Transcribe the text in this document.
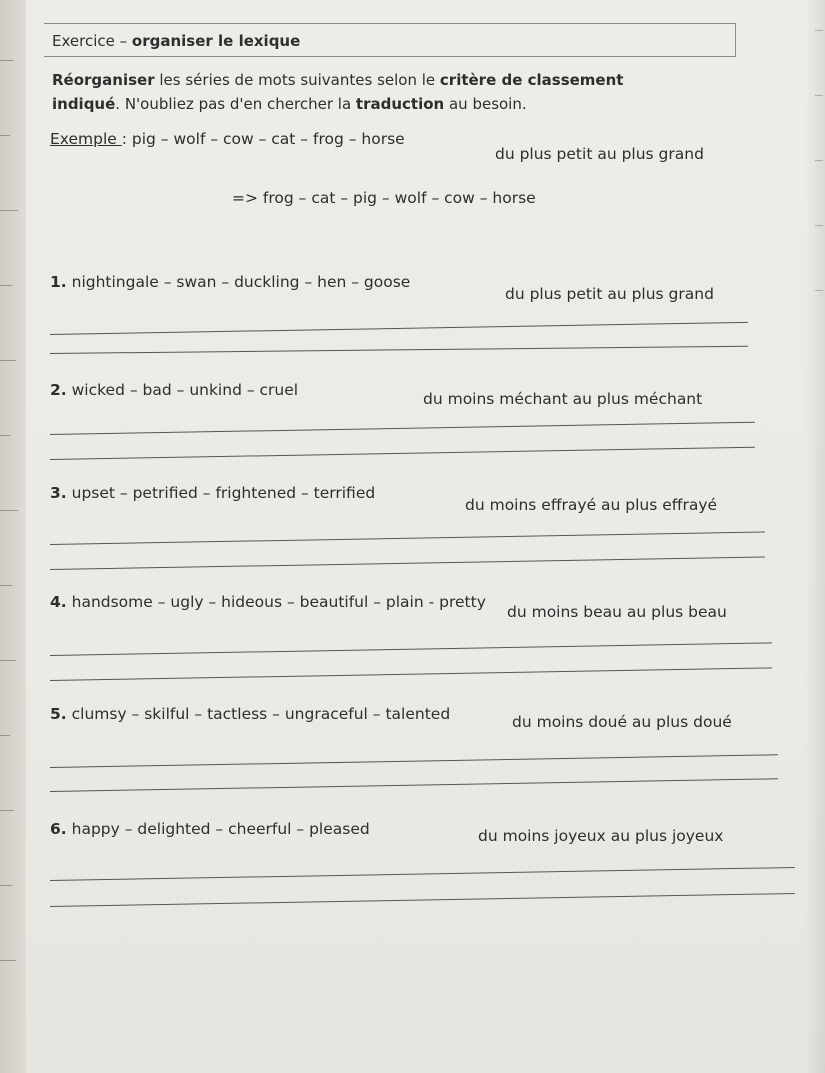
Exercice – organiser le lexique
Réorganiser les séries de mots suivantes selon le critère de classement
indiqué. N'oubliez pas d'en chercher la traduction au besoin.
Exemple : pig – wolf – cow – cat – frog – horse
du plus petit au plus grand
=> frog – cat – pig – wolf – cow – horse
1. nightingale – swan – duckling – hen – goose
du plus petit au plus grand
2. wicked – bad – unkind – cruel	du moins méchant au plus méchant
3. upset – petrified – frightened – terrified
du moins effrayé au plus effrayé
4. handsome – ugly – hideous – beautiful – plain - pretty
du moins beau au plus beau
5. clumsy – skilful – tactless – ungraceful – talented	du moins doué au plus doué
6. happy – delighted – cheerful – pleased	du moins joyeux au plus joyeux
